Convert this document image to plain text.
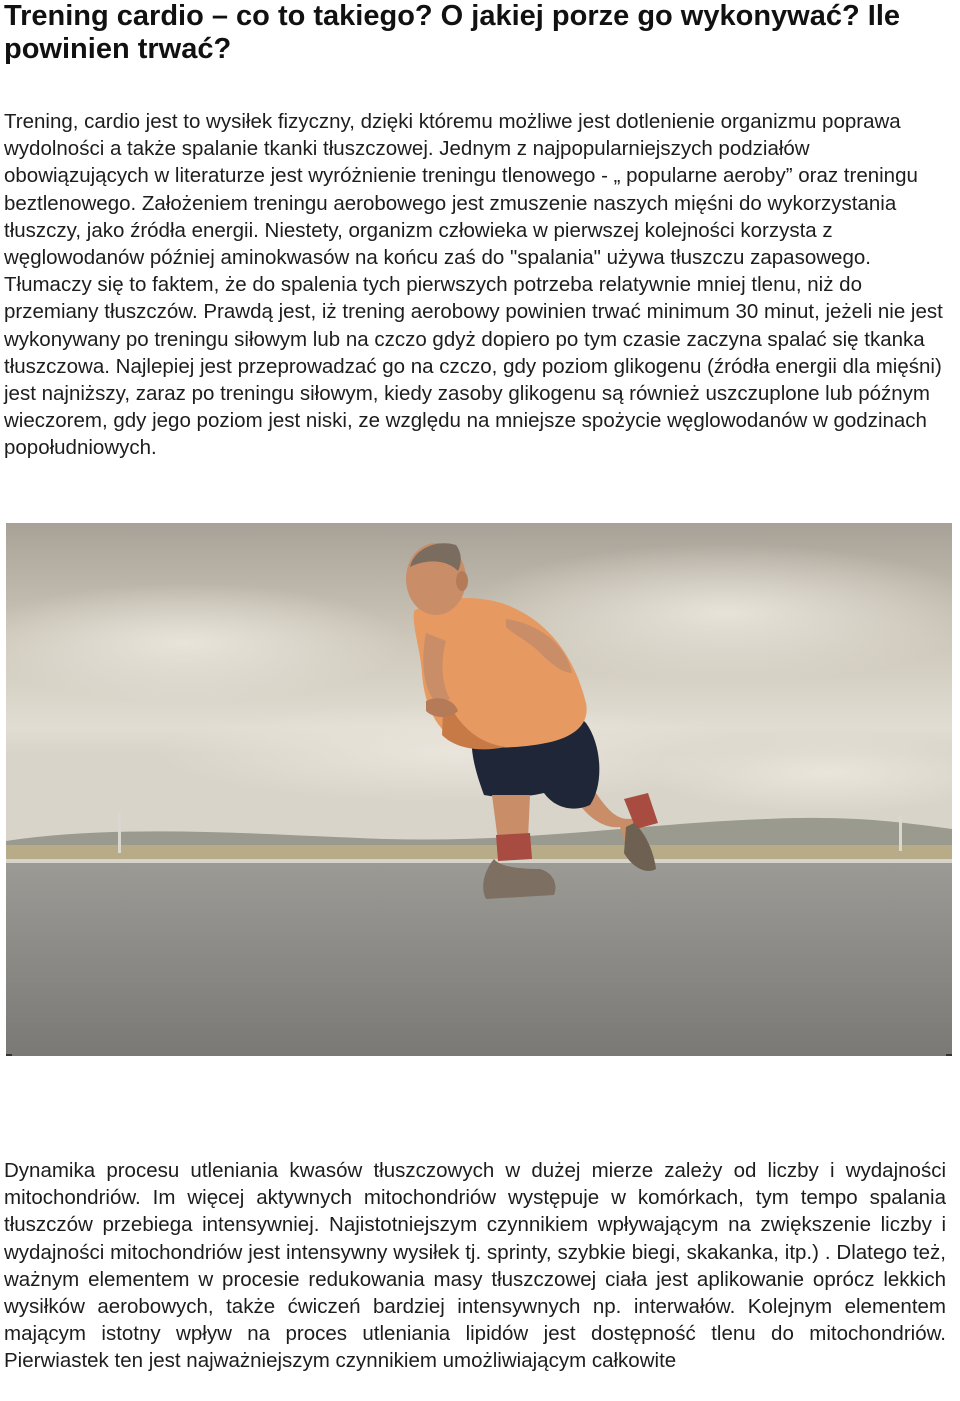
Trening cardio – co to takiego? O jakiej porze go wykonywać? Ile powinien trwać?

Trening, cardio jest to wysiłek fizyczny, dzięki któremu możliwe jest dotlenienie organizmu poprawa wydolności a także spalanie tkanki tłuszczowej. Jednym z najpopularniejszych podziałów obowiązujących w literaturze jest wyróżnienie treningu tlenowego - „ popularne aeroby” oraz treningu beztlenowego. Założeniem treningu aerobowego jest zmuszenie naszych mięśni do wykorzystania tłuszczy, jako źródła energii. Niestety, organizm człowieka w pierwszej kolejności korzysta z węglowodanów później aminokwasów na końcu zaś do "spalania" używa tłuszczu zapasowego. Tłumaczy się to faktem, że do spalenia tych pierwszych potrzeba relatywnie mniej tlenu, niż do przemiany tłuszczów. Prawdą jest, iż trening aerobowy powinien trwać minimum 30 minut, jeżeli nie jest wykonywany po treningu siłowym lub na czczo gdyż dopiero po tym czasie zaczyna spalać się tkanka tłuszczowa. Najlepiej jest przeprowadzać go na czczo, gdy poziom glikogenu (źródła energii dla mięśni) jest najniższy, zaraz po treningu siłowym, kiedy zasoby glikogenu są również uszczuplone lub późnym wieczorem, gdy jego poziom jest niski, ze względu na mniejsze spożycie węglowodanów w godzinach popołudniowych.

Dynamika procesu utleniania kwasów tłuszczowych w dużej mierze zależy od liczby i wydajności mitochondriów. Im więcej aktywnych mitochondriów występuje w komórkach, tym tempo spalania tłuszczów przebiega intensywniej. Najistotniejszym czynnikiem wpływającym na zwiększenie liczby i wydajności mitochondriów jest intensywny wysiłek tj. sprinty, szybkie biegi, skakanka, itp.) . Dlatego też, ważnym elementem w procesie redukowania masy tłuszczowej ciała jest aplikowanie oprócz lekkich wysiłków aerobowych, także ćwiczeń bardziej intensywnych np. interwałów. Kolejnym elementem mającym istotny wpływ na proces utleniania lipidów jest dostępność tlenu do mitochondriów. Pierwiastek ten jest najważniejszym czynnikiem umożliwiającym całkowite
